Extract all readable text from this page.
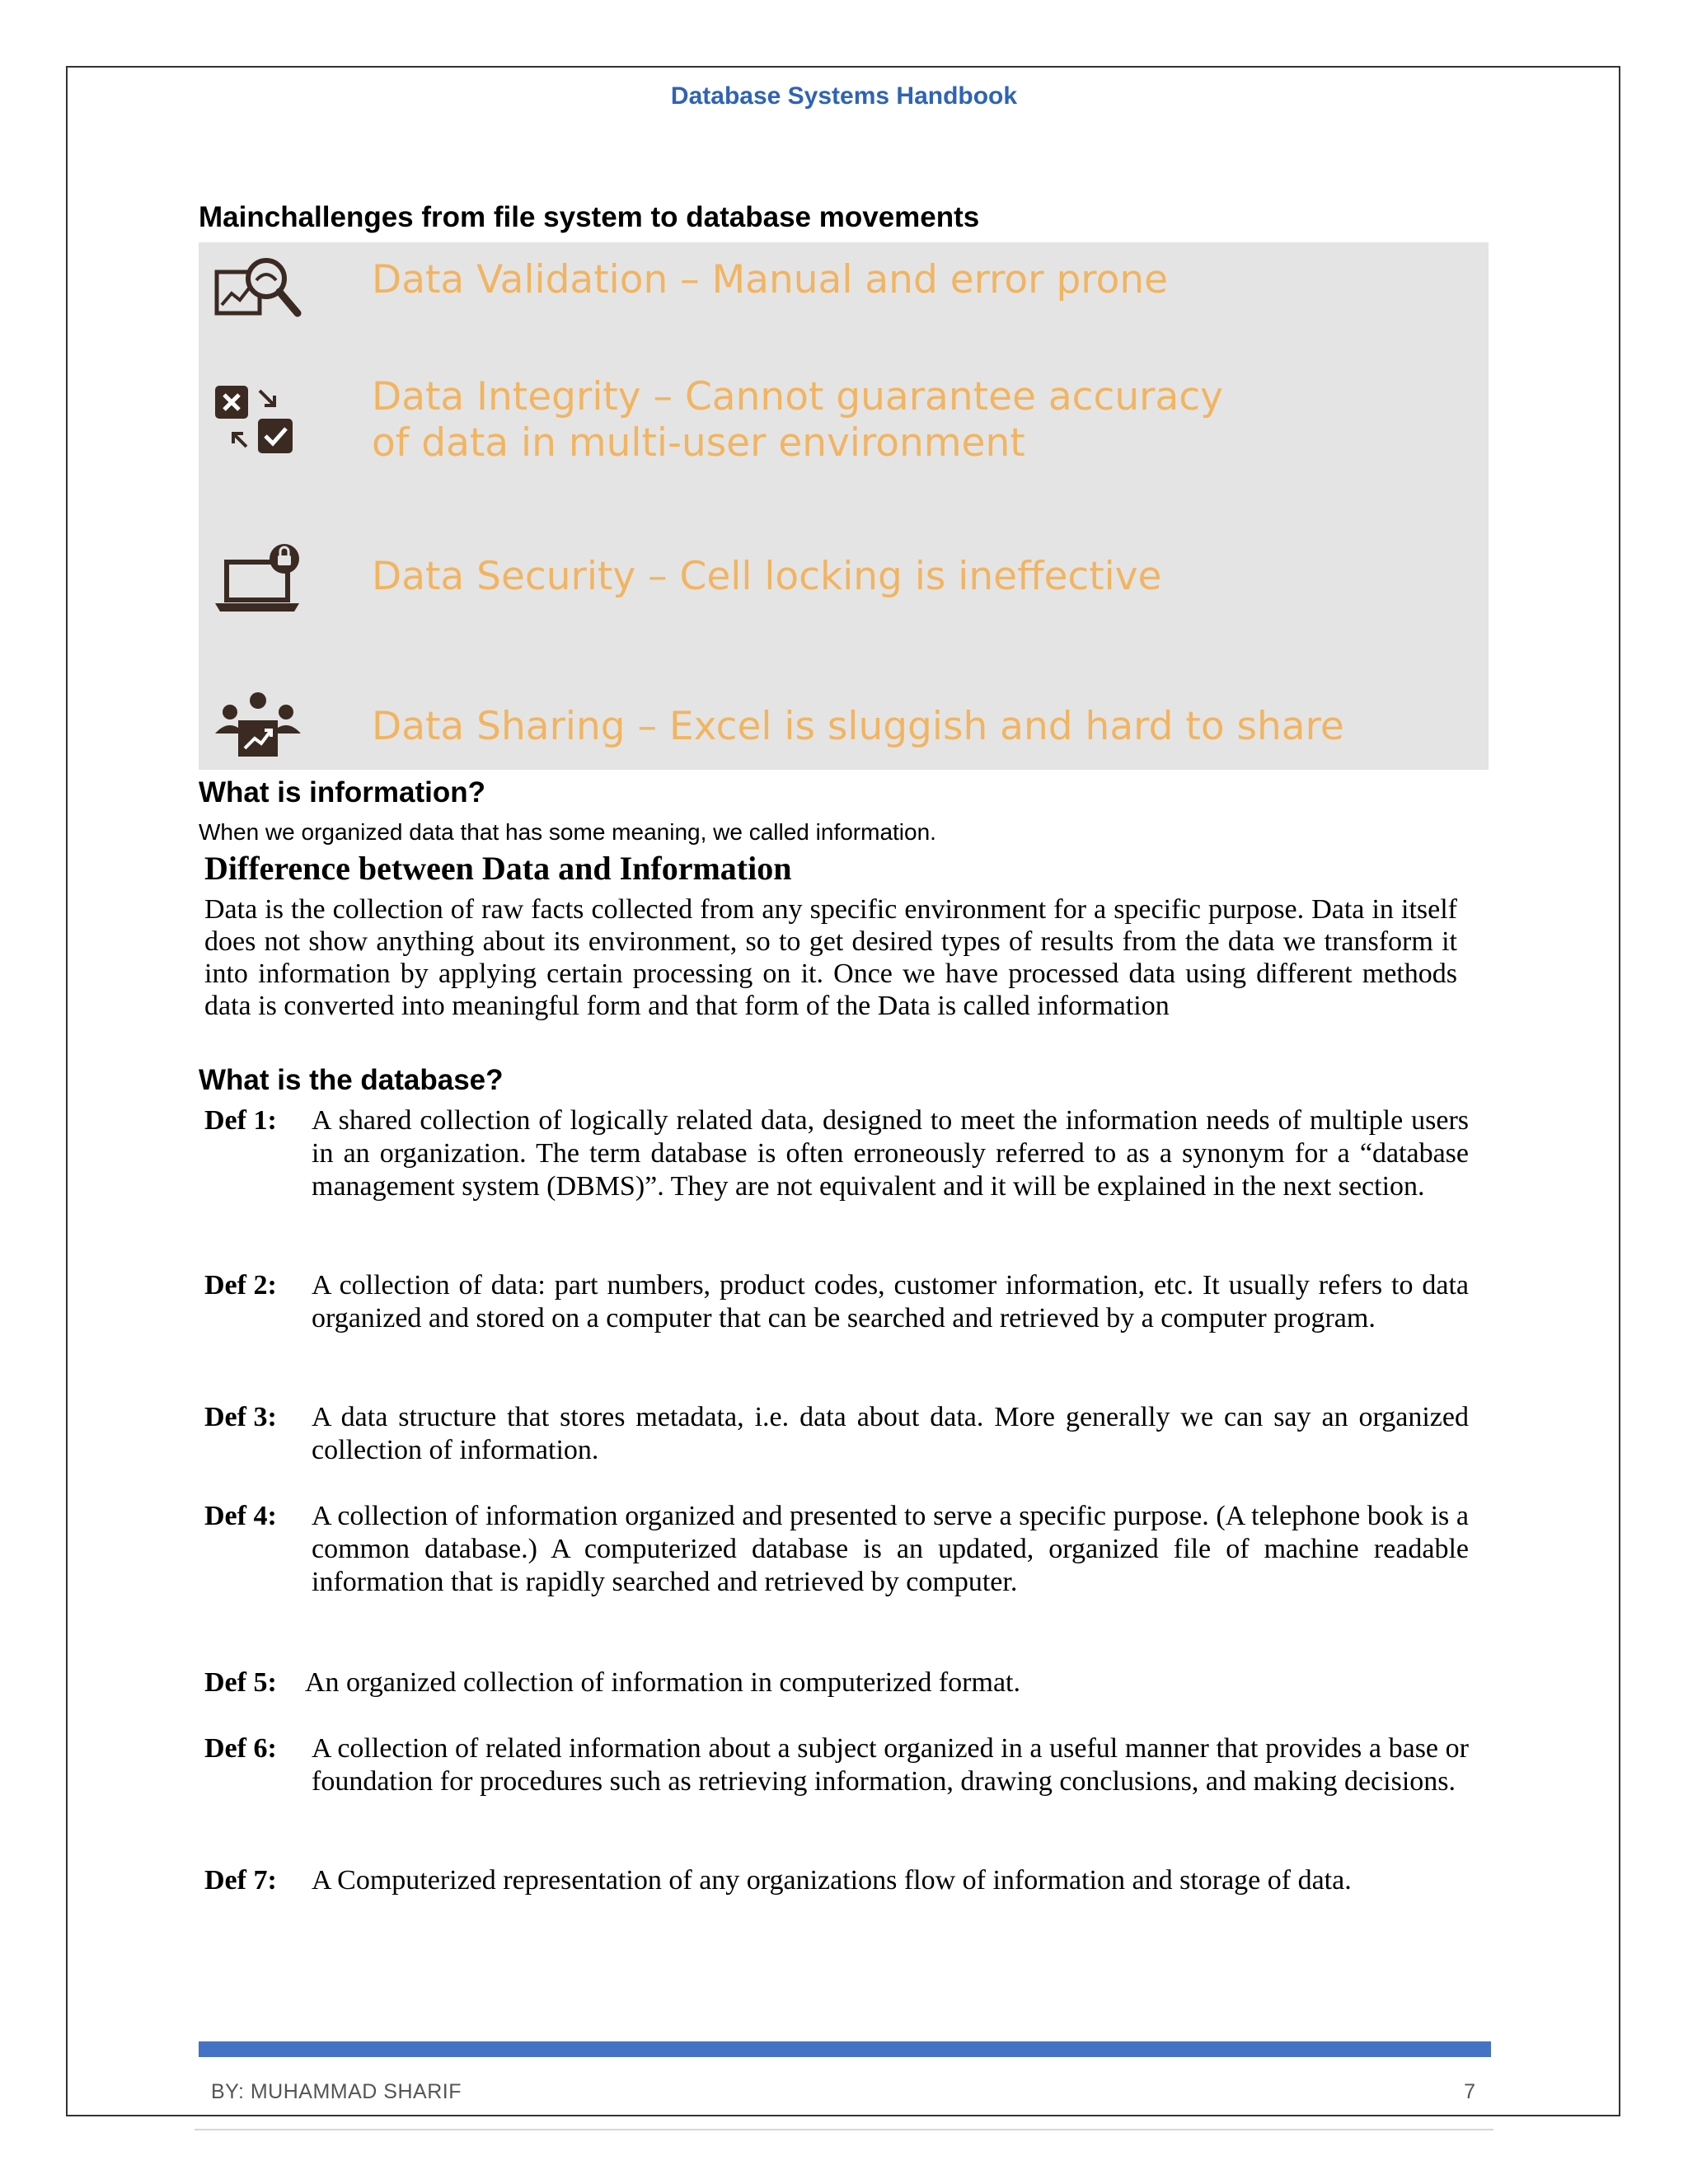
Database Systems Handbook
Mainchallenges from file system to database movements
Data Validation – Manual and error prone
Data Integrity – Cannot guarantee accuracy
of data in multi-user environment
Data Security – Cell locking is ineffective
Data Sharing – Excel is sluggish and hard to share
What is information?
When we organized data that has some meaning, we called information.
Difference between Data and Information
Data is the collection of raw facts collected from any specific environment for a specific purpose. Data in itself does not show anything about its environment, so to get desired types of results from the data we transform it into information by applying certain processing on it. Once we have processed data using different methods data is converted into meaningful form and that form of the Data is called information
What is the database?
Def 1: A shared collection of logically related data, designed to meet the information needs of multiple users in an organization. The term database is often erroneously referred to as a synonym for a “database management system (DBMS)”. They are not equivalent and it will be explained in the next section.
Def 2: A collection of data: part numbers, product codes, customer information, etc. It usually refers to data organized and stored on a computer that can be searched and retrieved by a computer program.
Def 3: A data structure that stores metadata, i.e. data about data. More generally we can say an organized collection of information.
Def 4: A collection of information organized and presented to serve a specific purpose. (A telephone book is a common database.) A computerized database is an updated, organized file of machine readable information that is rapidly searched and retrieved by computer.
Def 5: An organized collection of information in computerized format.
Def 6: A collection of related information about a subject organized in a useful manner that provides a base or foundation for procedures such as retrieving information, drawing conclusions, and making decisions.
Def 7: A Computerized representation of any organizations flow of information and storage of data.
BY: MUHAMMAD SHARIF	7
